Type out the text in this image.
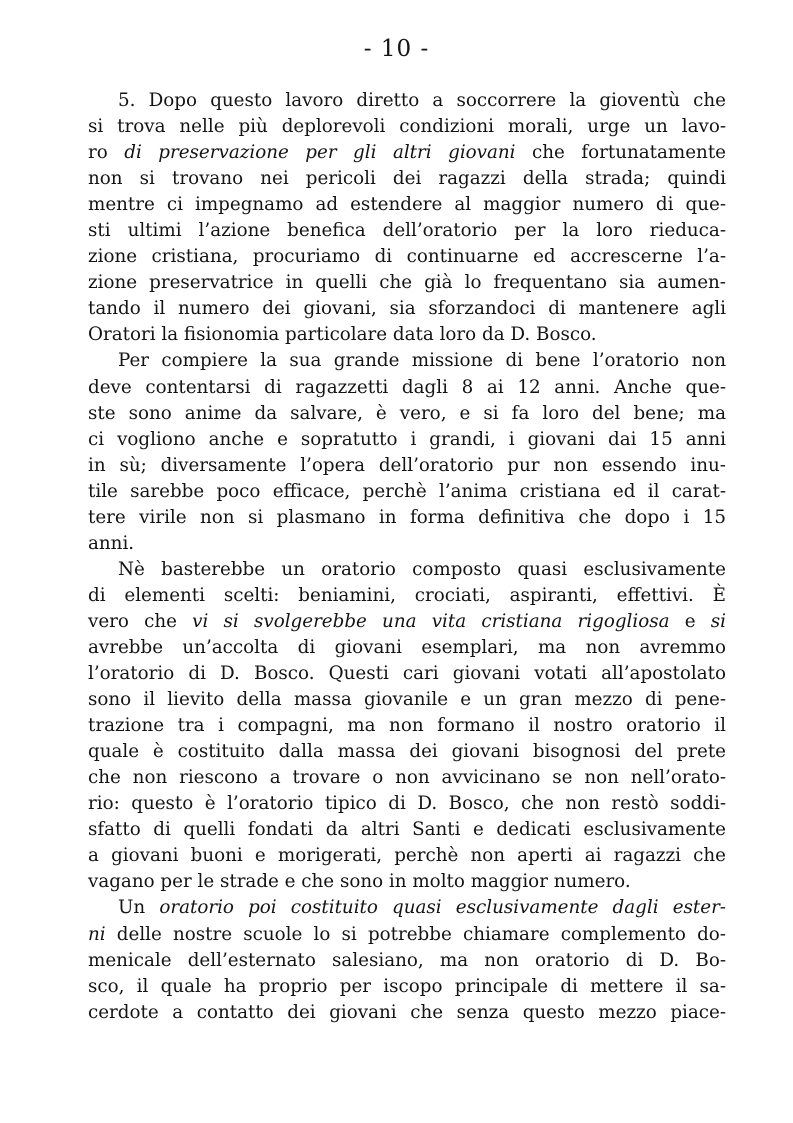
- 10 -
5. Dopo questo lavoro diretto a soccorrere la gioventù che
si trova nelle più deplorevoli condizioni morali, urge un lavo-
ro di preservazione per gli altri giovani che fortunatamente
non si trovano nei pericoli dei ragazzi della strada; quindi
mentre ci impegnamo ad estendere al maggior numero di que-
sti ultimi l’azione benefica dell’oratorio per la loro rieduca-
zione cristiana, procuriamo di continuarne ed accrescerne l’a-
zione preservatrice in quelli che già lo frequentano sia aumen-
tando il numero dei giovani, sia sforzandoci di mantenere agli
Oratori la fisionomia particolare data loro da D. Bosco.
Per compiere la sua grande missione di bene l’oratorio non
deve contentarsi di ragazzetti dagli 8 ai 12 anni. Anche que-
ste sono anime da salvare, è vero, e si fa loro del bene; ma
ci vogliono anche e sopratutto i grandi, i giovani dai 15 anni
in sù; diversamente l’opera dell’oratorio pur non essendo inu-
tile sarebbe poco efficace, perchè l’anima cristiana ed il carat-
tere virile non si plasmano in forma definitiva che dopo i 15
anni.
Nè basterebbe un oratorio composto quasi esclusivamente
di elementi scelti: beniamini, crociati, aspiranti, effettivi. È
vero che vi si svolgerebbe una vita cristiana rigogliosa e si
avrebbe un’accolta di giovani esemplari, ma non avremmo
l’oratorio di D. Bosco. Questi cari giovani votati all’apostolato
sono il lievito della massa giovanile e un gran mezzo di pene-
trazione tra i compagni, ma non formano il nostro oratorio il
quale è costituito dalla massa dei giovani bisognosi del prete
che non riescono a trovare o non avvicinano se non nell’orato-
rio: questo è l’oratorio tipico di D. Bosco, che non restò soddi-
sfatto di quelli fondati da altri Santi e dedicati esclusivamente
a giovani buoni e morigerati, perchè non aperti ai ragazzi che
vagano per le strade e che sono in molto maggior numero.
Un oratorio poi costituito quasi esclusivamente dagli ester-
ni delle nostre scuole lo si potrebbe chiamare complemento do-
menicale dell’esternato salesiano, ma non oratorio di D. Bo-
sco, il quale ha proprio per iscopo principale di mettere il sa-
cerdote a contatto dei giovani che senza questo mezzo piace-
